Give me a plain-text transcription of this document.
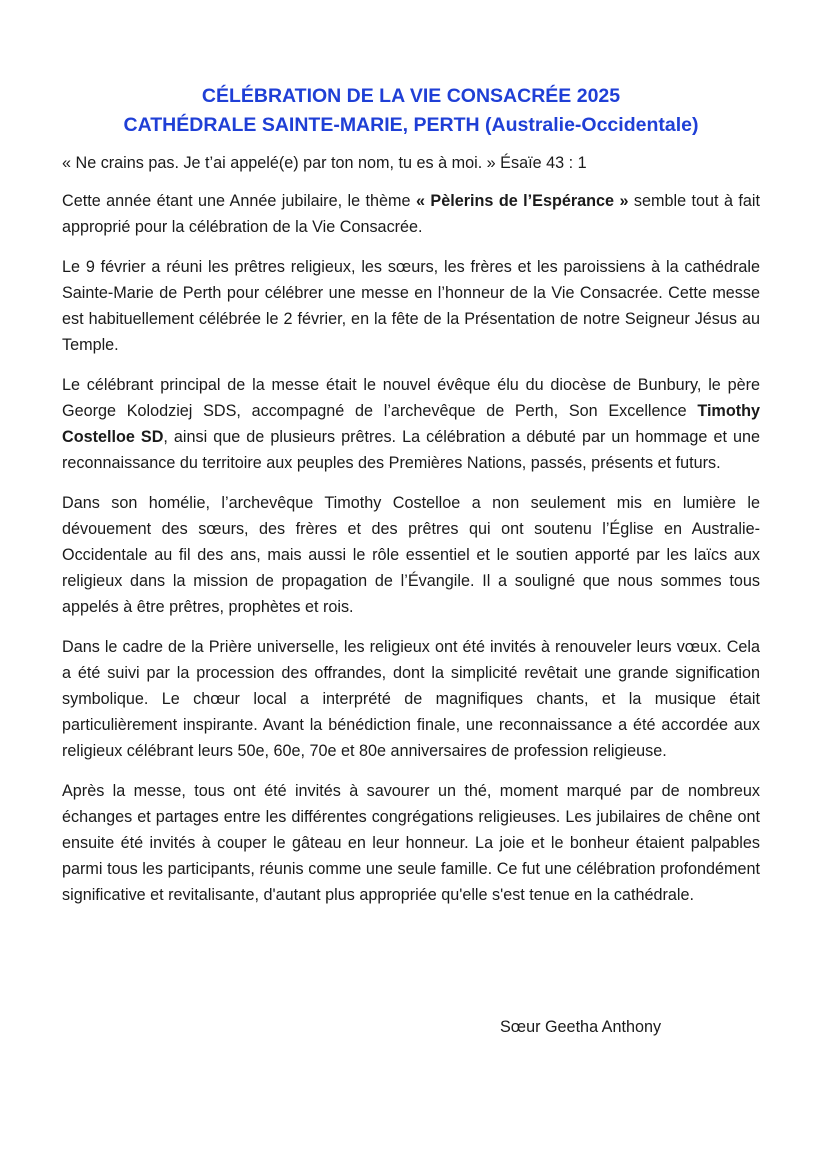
CÉLÉBRATION DE LA VIE CONSACRÉE 2025
CATHÉDRALE SAINTE-MARIE, PERTH (Australie-Occidentale)

« Ne crains pas. Je t’ai appelé(e) par ton nom, tu es à moi. » Ésaïe 43 : 1

Cette année étant une Année jubilaire, le thème « Pèlerins de l’Espérance » semble tout à fait approprié pour la célébration de la Vie Consacrée.

Le 9 février a réuni les prêtres religieux, les sœurs, les frères et les paroissiens à la cathédrale Sainte-Marie de Perth pour célébrer une messe en l’honneur de la Vie Consacrée. Cette messe est habituellement célébrée le 2 février, en la fête de la Présentation de notre Seigneur Jésus au Temple.

Le célébrant principal de la messe était le nouvel évêque élu du diocèse de Bunbury, le père George Kolodziej SDS, accompagné de l’archevêque de Perth, Son Excellence Timothy Costelloe SD, ainsi que de plusieurs prêtres. La célébration a débuté par un hommage et une reconnaissance du territoire aux peuples des Premières Nations, passés, présents et futurs.

Dans son homélie, l’archevêque Timothy Costelloe a non seulement mis en lumière le dévouement des sœurs, des frères et des prêtres qui ont soutenu l’Église en Australie-Occidentale au fil des ans, mais aussi le rôle essentiel et le soutien apporté par les laïcs aux religieux dans la mission de propagation de l’Évangile. Il a souligné que nous sommes tous appelés à être prêtres, prophètes et rois.

Dans le cadre de la Prière universelle, les religieux ont été invités à renouveler leurs vœux. Cela a été suivi par la procession des offrandes, dont la simplicité revêtait une grande signification symbolique. Le chœur local a interprété de magnifiques chants, et la musique était particulièrement inspirante. Avant la bénédiction finale, une reconnaissance a été accordée aux religieux célébrant leurs 50e, 60e, 70e et 80e anniversaires de profession religieuse.

Après la messe, tous ont été invités à savourer un thé, moment marqué par de nombreux échanges et partages entre les différentes congrégations religieuses. Les jubilaires de chêne ont ensuite été invités à couper le gâteau en leur honneur. La joie et le bonheur étaient palpables parmi tous les participants, réunis comme une seule famille. Ce fut une célébration profondément significative et revitalisante, d'autant plus appropriée qu'elle s'est tenue en la cathédrale.

Sœur Geetha Anthony
